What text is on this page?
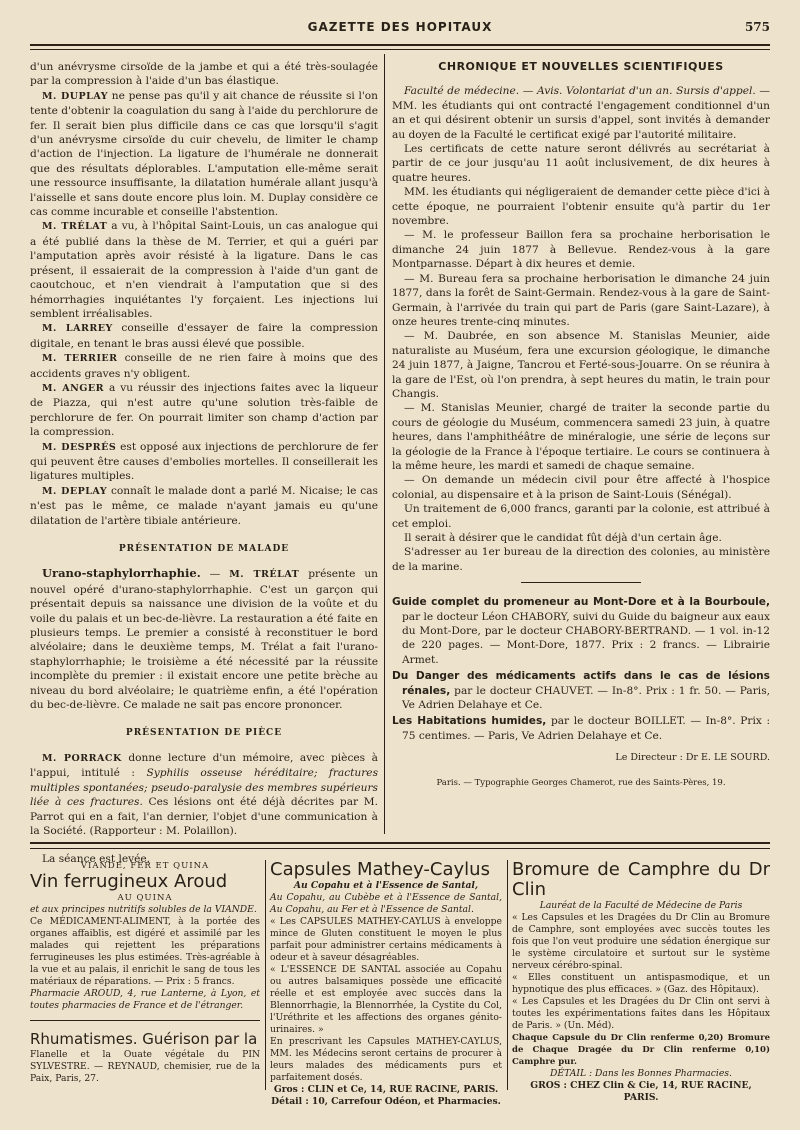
GAZETTE DES HOPITAUX	575

d'un anévrysme cirsoïde de la jambe et qui a été très-soulagée par la compression à l'aide d'un bas élastique.

M. DUPLAY ne pense pas qu'il y ait chance de réussite si l'on tente d'obtenir la coagulation du sang à l'aide du perchlorure de fer. Il serait bien plus difficile dans ce cas que lorsqu'il s'agit d'un anévrysme cirsoïde du cuir chevelu, de limiter le champ d'action de l'injection. La ligature de l'humérale ne donnerait que des résultats déplorables. L'amputation elle-même serait une ressource insuffisante, la dilatation humérale allant jusqu'à l'aisselle et sans doute encore plus loin. M. Duplay considère ce cas comme incurable et conseille l'abstention.

M. TRÉLAT a vu, à l'hôpital Saint-Louis, un cas analogue qui a été publié dans la thèse de M. Terrier, et qui a guéri par l'amputation après avoir résisté à la ligature. Dans le cas présent, il essaierait de la compression à l'aide d'un gant de caoutchouc, et n'en viendrait à l'amputation que si des hémorrhagies inquiétantes l'y forçaient. Les injections lui semblent irréalisables.

M. LARREY conseille d'essayer de faire la compression digitale, en tenant le bras aussi élevé que possible.

M. TERRIER conseille de ne rien faire à moins que des accidents graves n'y obligent.

M. ANGER a vu réussir des injections faites avec la liqueur de Piazza, qui n'est autre qu'une solution très-faible de perchlorure de fer. On pourrait limiter son champ d'action par la compression.

M. DESPRÉS est opposé aux injections de perchlorure de fer qui peuvent être causes d'embolies mortelles. Il conseillerait les ligatures multiples.

M. DEPLAY connaît le malade dont a parlé M. Nicaise; le cas n'est pas le même, ce malade n'ayant jamais eu qu'une dilatation de l'artère tibiale antérieure.

PRÉSENTATION DE MALADE

Urano-staphylorrhaphie. — M. TRÉLAT présente un nouvel opéré d'urano-staphylorrhaphie. C'est un garçon qui présentait depuis sa naissance une division de la voûte et du voile du palais et un bec-de-lièvre. La restauration a été faite en plusieurs temps. Le premier a consisté à reconstituer le bord alvéolaire; dans le deuxième temps, M. Trélat a fait l'urano-staphylorrhaphie; le troisième a été nécessité par la réussite incomplète du premier : il existait encore une petite brèche au niveau du bord alvéolaire; le quatrième enfin, a été l'opération du bec-de-lièvre. Ce malade ne sait pas encore prononcer.

PRÉSENTATION DE PIÈCE

M. PORRACK donne lecture d'un mémoire, avec pièces à l'appui, intitulé : Syphilis osseuse héréditaire; fractures multiples spontanées; pseudo-paralysie des membres supérieurs liée à ces fractures. Ces lésions ont été déjà décrites par M. Parrot qui en a fait, l'an dernier, l'objet d'une communication à la Société. (Rapporteur : M. Polaillon).

La séance est levée.

CHRONIQUE ET NOUVELLES SCIENTIFIQUES

Faculté de médecine. — Avis. Volontariat d'un an. Sursis d'appel. — MM. les étudiants qui ont contracté l'engagement conditionnel d'un an et qui désirent obtenir un sursis d'appel, sont invités à demander au doyen de la Faculté le certificat exigé par l'autorité militaire.

Les certificats de cette nature seront délivrés au secrétariat à partir de ce jour jusqu'au 11 août inclusivement, de dix heures à quatre heures.

MM. les étudiants qui négligeraient de demander cette pièce d'ici à cette époque, ne pourraient l'obtenir ensuite qu'à partir du 1er novembre.

— M. le professeur Baillon fera sa prochaine herborisation le dimanche 24 juin 1877 à Bellevue. Rendez-vous à la gare Montparnasse. Départ à dix heures et demie.

— M. Bureau fera sa prochaine herborisation le dimanche 24 juin 1877, dans la forêt de Saint-Germain. Rendez-vous à la gare de Saint-Germain, à l'arrivée du train qui part de Paris (gare Saint-Lazare), à onze heures trente-cinq minutes.

— M. Daubrée, en son absence M. Stanislas Meunier, aide naturaliste au Muséum, fera une excursion géologique, le dimanche 24 juin 1877, à Jaigne, Tancrou et Ferté-sous-Jouarre. On se réunira à la gare de l'Est, où l'on prendra, à sept heures du matin, le train pour Changis.

— M. Stanislas Meunier, chargé de traiter la seconde partie du cours de géologie du Muséum, commencera samedi 23 juin, à quatre heures, dans l'amphithéâtre de minéralogie, une série de leçons sur la géologie de la France à l'époque tertiaire. Le cours se continuera à la même heure, les mardi et samedi de chaque semaine.

— On demande un médecin civil pour être affecté à l'hospice colonial, au dispensaire et à la prison de Saint-Louis (Sénégal).

Un traitement de 6,000 francs, garanti par la colonie, est attribué à cet emploi.

Il serait à désirer que le candidat fût déjà d'un certain âge.

S'adresser au 1er bureau de la direction des colonies, au ministère de la marine.

Guide complet du promeneur au Mont-Dore et à la Bourboule, par le docteur Léon CHABORY, suivi du Guide du baigneur aux eaux du Mont-Dore, par le docteur CHABORY-BERTRAND. — 1 vol. in-12 de 220 pages. — Mont-Dore, 1877. Prix : 2 francs. — Librairie Armet.

Du Danger des médicaments actifs dans le cas de lésions rénales, par le docteur CHAUVET. — In-8°. Prix : 1 fr. 50. — Paris, Ve Adrien Delahaye et Ce.

Les Habitations humides, par le docteur BOILLET. — In-8°. Prix : 75 centimes. — Paris, Ve Adrien Delahaye et Ce.

Le Directeur : Dr E. LE SOURD.

Paris. — Typographie Georges Chamerot, rue des Saints-Pères, 19.

VIANDE, FER ET QUINA
Vin ferrugineux Aroud
AU QUINA
et aux principes nutritifs solubles de la VIANDE.
Ce MÉDICAMENT-ALIMENT, à la portée des organes affaiblis, est digéré et assimilé par les malades qui rejettent les préparations ferrugineuses les plus estimées. Très-agréable à la vue et au palais, il enrichit le sang de tous les matériaux de réparations. — Prix : 5 francs.
Pharmacie AROUD, 4, rue Lanterne, à Lyon, et toutes pharmacies de France et de l'étranger.
Rhumatismes. Guérison par la
Flanelle et la Ouate végétale du PIN SYLVESTRE. — REYNAUD, chemisier, rue de la Paix, Paris, 27.
Capsules Mathey-Caylus
Au Copahu et à l'Essence de Santal,
Au Copahu, au Cubèbe et à l'Essence de Santal, Au Copahu, au Fer et à l'Essence de Santal.
« Les CAPSULES MATHEY-CAYLUS à enveloppe mince de Gluten constituent le moyen le plus parfait pour administrer certains médicaments à odeur et à saveur désagréables.
« L'ESSENCE DE SANTAL associée au Copahu ou autres balsamiques possède une efficacité réelle et est employée avec succès dans la Blennorrhagie, la Blennorrhée, la Cystite du Col, l'Uréthrite et les affections des organes génito-urinaires. »
En prescrivant les Capsules MATHEY-CAYLUS, MM. les Médecins seront certains de procurer à leurs malades des médicaments purs et parfaitement dosés.
Gros : CLIN et Ce, 14, RUE RACINE, PARIS. Détail : 10, Carrefour Odéon, et Pharmacies.
Bromure de Camphre du Dr Clin
Lauréat de la Faculté de Médecine de Paris
« Les Capsules et les Dragées du Dr Clin au Bromure de Camphre, sont employées avec succès toutes les fois que l'on veut produire une sédation énergique sur le système circulatoire et surtout sur le système nerveux cérébro-spinal.
« Elles constituent un antispasmodique, et un hypnotique des plus efficaces. » (Gaz. des Hôpitaux).
« Les Capsules et les Dragées du Dr Clin ont servi à toutes les expérimentations faites dans les Hôpitaux de Paris. » (Un. Méd).
Chaque Capsule du Dr Clin renferme 0,20) Bromure de Chaque Dragée du Dr Clin renferme 0,10) Camphre pur.
DÉTAIL : Dans les Bonnes Pharmacies.
GROS : CHEZ Clin & Cie, 14, RUE RACINE, PARIS.
